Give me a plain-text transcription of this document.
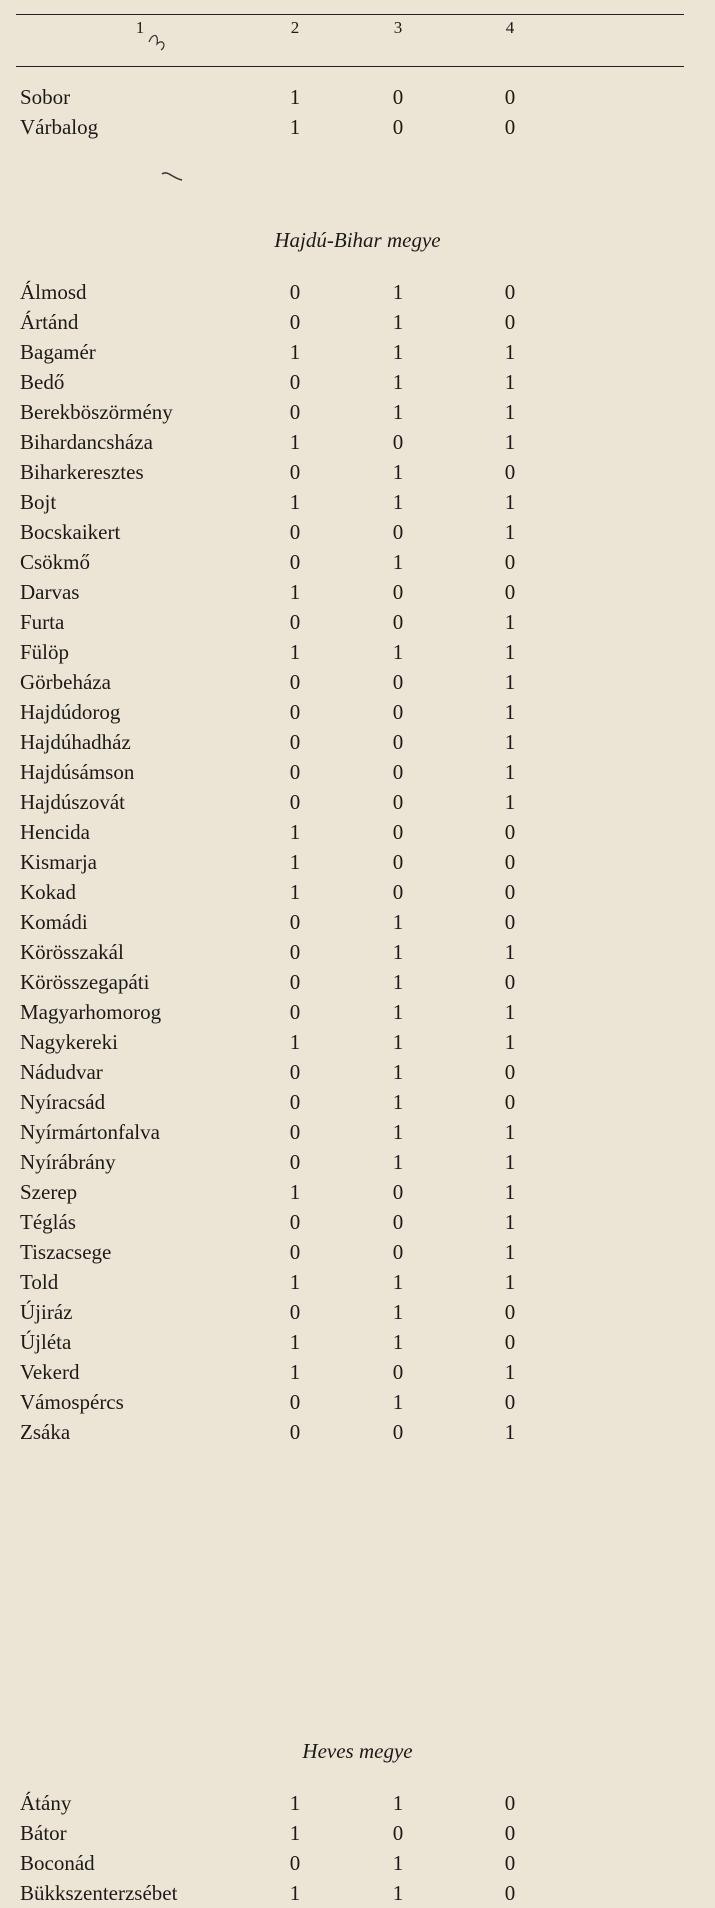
1	2	3	4
Sobor	1	0	0
Várbalog	1	0	0
Hajdú-Bihar megye
Álmosd	0	1	0
Ártánd	0	1	0
Bagamér	1	1	1
Bedő	0	1	1
Berekböszörmény	0	1	1
Bihardancsháza	1	0	1
Biharkeresztes	0	1	0
Bojt	1	1	1
Bocskaikert	0	0	1
Csökmő	0	1	0
Darvas	1	0	0
Furta	0	0	1
Fülöp	1	1	1
Görbeháza	0	0	1
Hajdúdorog	0	0	1
Hajdúhadház	0	0	1
Hajdúsámson	0	0	1
Hajdúszovát	0	0	1
Hencida	1	0	0
Kismarja	1	0	0
Kokad	1	0	0
Komádi	0	1	0
Körösszakál	0	1	1
Körösszegapáti	0	1	0
Magyarhomorog	0	1	1
Nagykereki	1	1	1
Nádudvar	0	1	0
Nyíracsád	0	1	0
Nyírmártonfalva	0	1	1
Nyírábrány	0	1	1
Szerep	1	0	1
Téglás	0	0	1
Tiszacsege	0	0	1
Told	1	1	1
Újiráz	0	1	0
Újléta	1	1	0
Vekerd	1	0	1
Vámospércs	0	1	0
Zsáka	0	0	1
Heves megye
Átány	1	1	0
Bátor	1	0	0
Boconád	0	1	0
Bükkszenterzsébet	1	1	0
